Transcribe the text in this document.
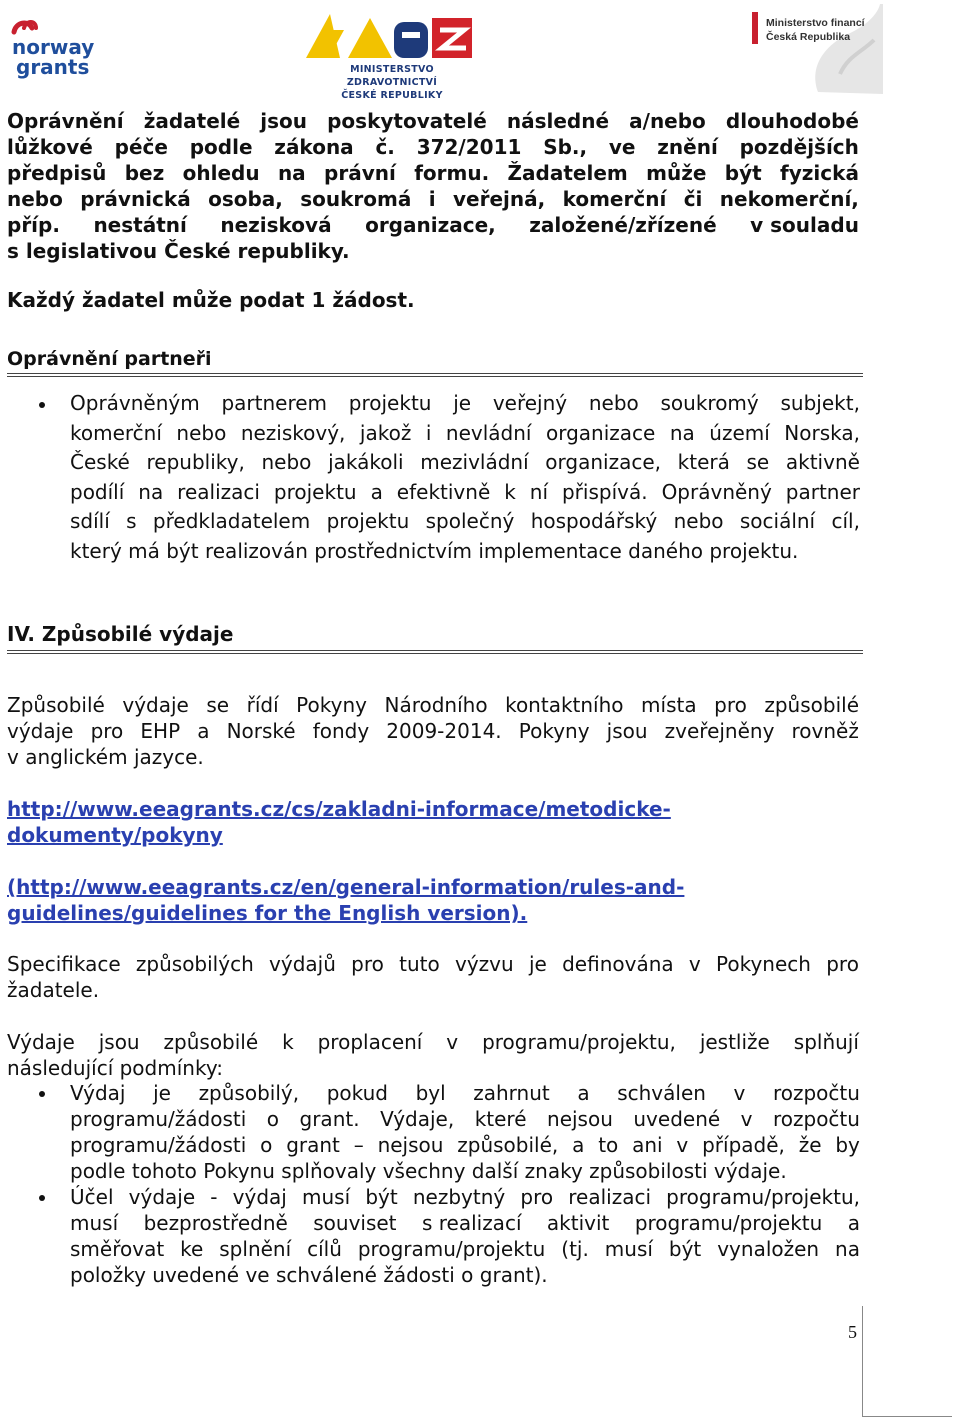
norway
grants	MINISTERSTVO ZDRAVOTNICTVÍ
ČESKÉ REPUBLIKY
Ministerstvo financí
Česká Republika
Oprávnění žadatelé jsou poskytovatelé následné a/nebo dlouhodobé
lůžkové péče podle zákona č. 372/2011 Sb., ve znění pozdějších
předpisů bez ohledu na právní formu. Žadatelem může být fyzická
nebo právnická osoba, soukromá i veřejná, komerční či nekomerční,
příp. nestátní nezisková organizace, založené/zřízené v souladu
s legislativou České republiky.
Každý žadatel může podat 1 žádost.
Oprávnění partneři
Oprávněným partnerem projektu je veřejný nebo soukromý subjekt,
komerční nebo neziskový, jakož i nevládní organizace na území Norska,
České republiky, nebo jakákoli mezivládní organizace, která se aktivně
podílí na realizaci projektu a efektivně k ní přispívá. Oprávněný partner
sdílí s předkladatelem projektu společný hospodářský nebo sociální cíl,
který má být realizován prostřednictvím implementace daného projektu.
IV. Způsobilé výdaje
Způsobilé výdaje se řídí Pokyny Národního kontaktního místa pro způsobilé
výdaje pro EHP a Norské fondy 2009-2014. Pokyny jsou zveřejněny rovněž
v anglickém jazyce.
http://www.eeagrants.cz/cs/zakladni-informace/metodicke-
dokumenty/pokyny
(http://www.eeagrants.cz/en/general-information/rules-and-
guidelines/guidelines for the English version).
Specifikace způsobilých výdajů pro tuto výzvu je definována v Pokynech pro
žadatele.
Výdaje jsou způsobilé k proplacení v programu/projektu, jestliže splňují
následující podmínky:
Výdaj je způsobilý, pokud byl zahrnut a schválen v rozpočtu
programu/žádosti o grant. Výdaje, které nejsou uvedené v rozpočtu
programu/žádosti o grant – nejsou způsobilé, a to ani v případě, že by
podle tohoto Pokynu splňovaly všechny další znaky způsobilosti výdaje.
Účel výdaje - výdaj musí být nezbytný pro realizaci programu/projektu,
musí bezprostředně souviset s realizací aktivit programu/projektu a
směřovat ke splnění cílů programu/projektu (tj. musí být vynaložen na
položky uvedené ve schválené žádosti o grant).
5
